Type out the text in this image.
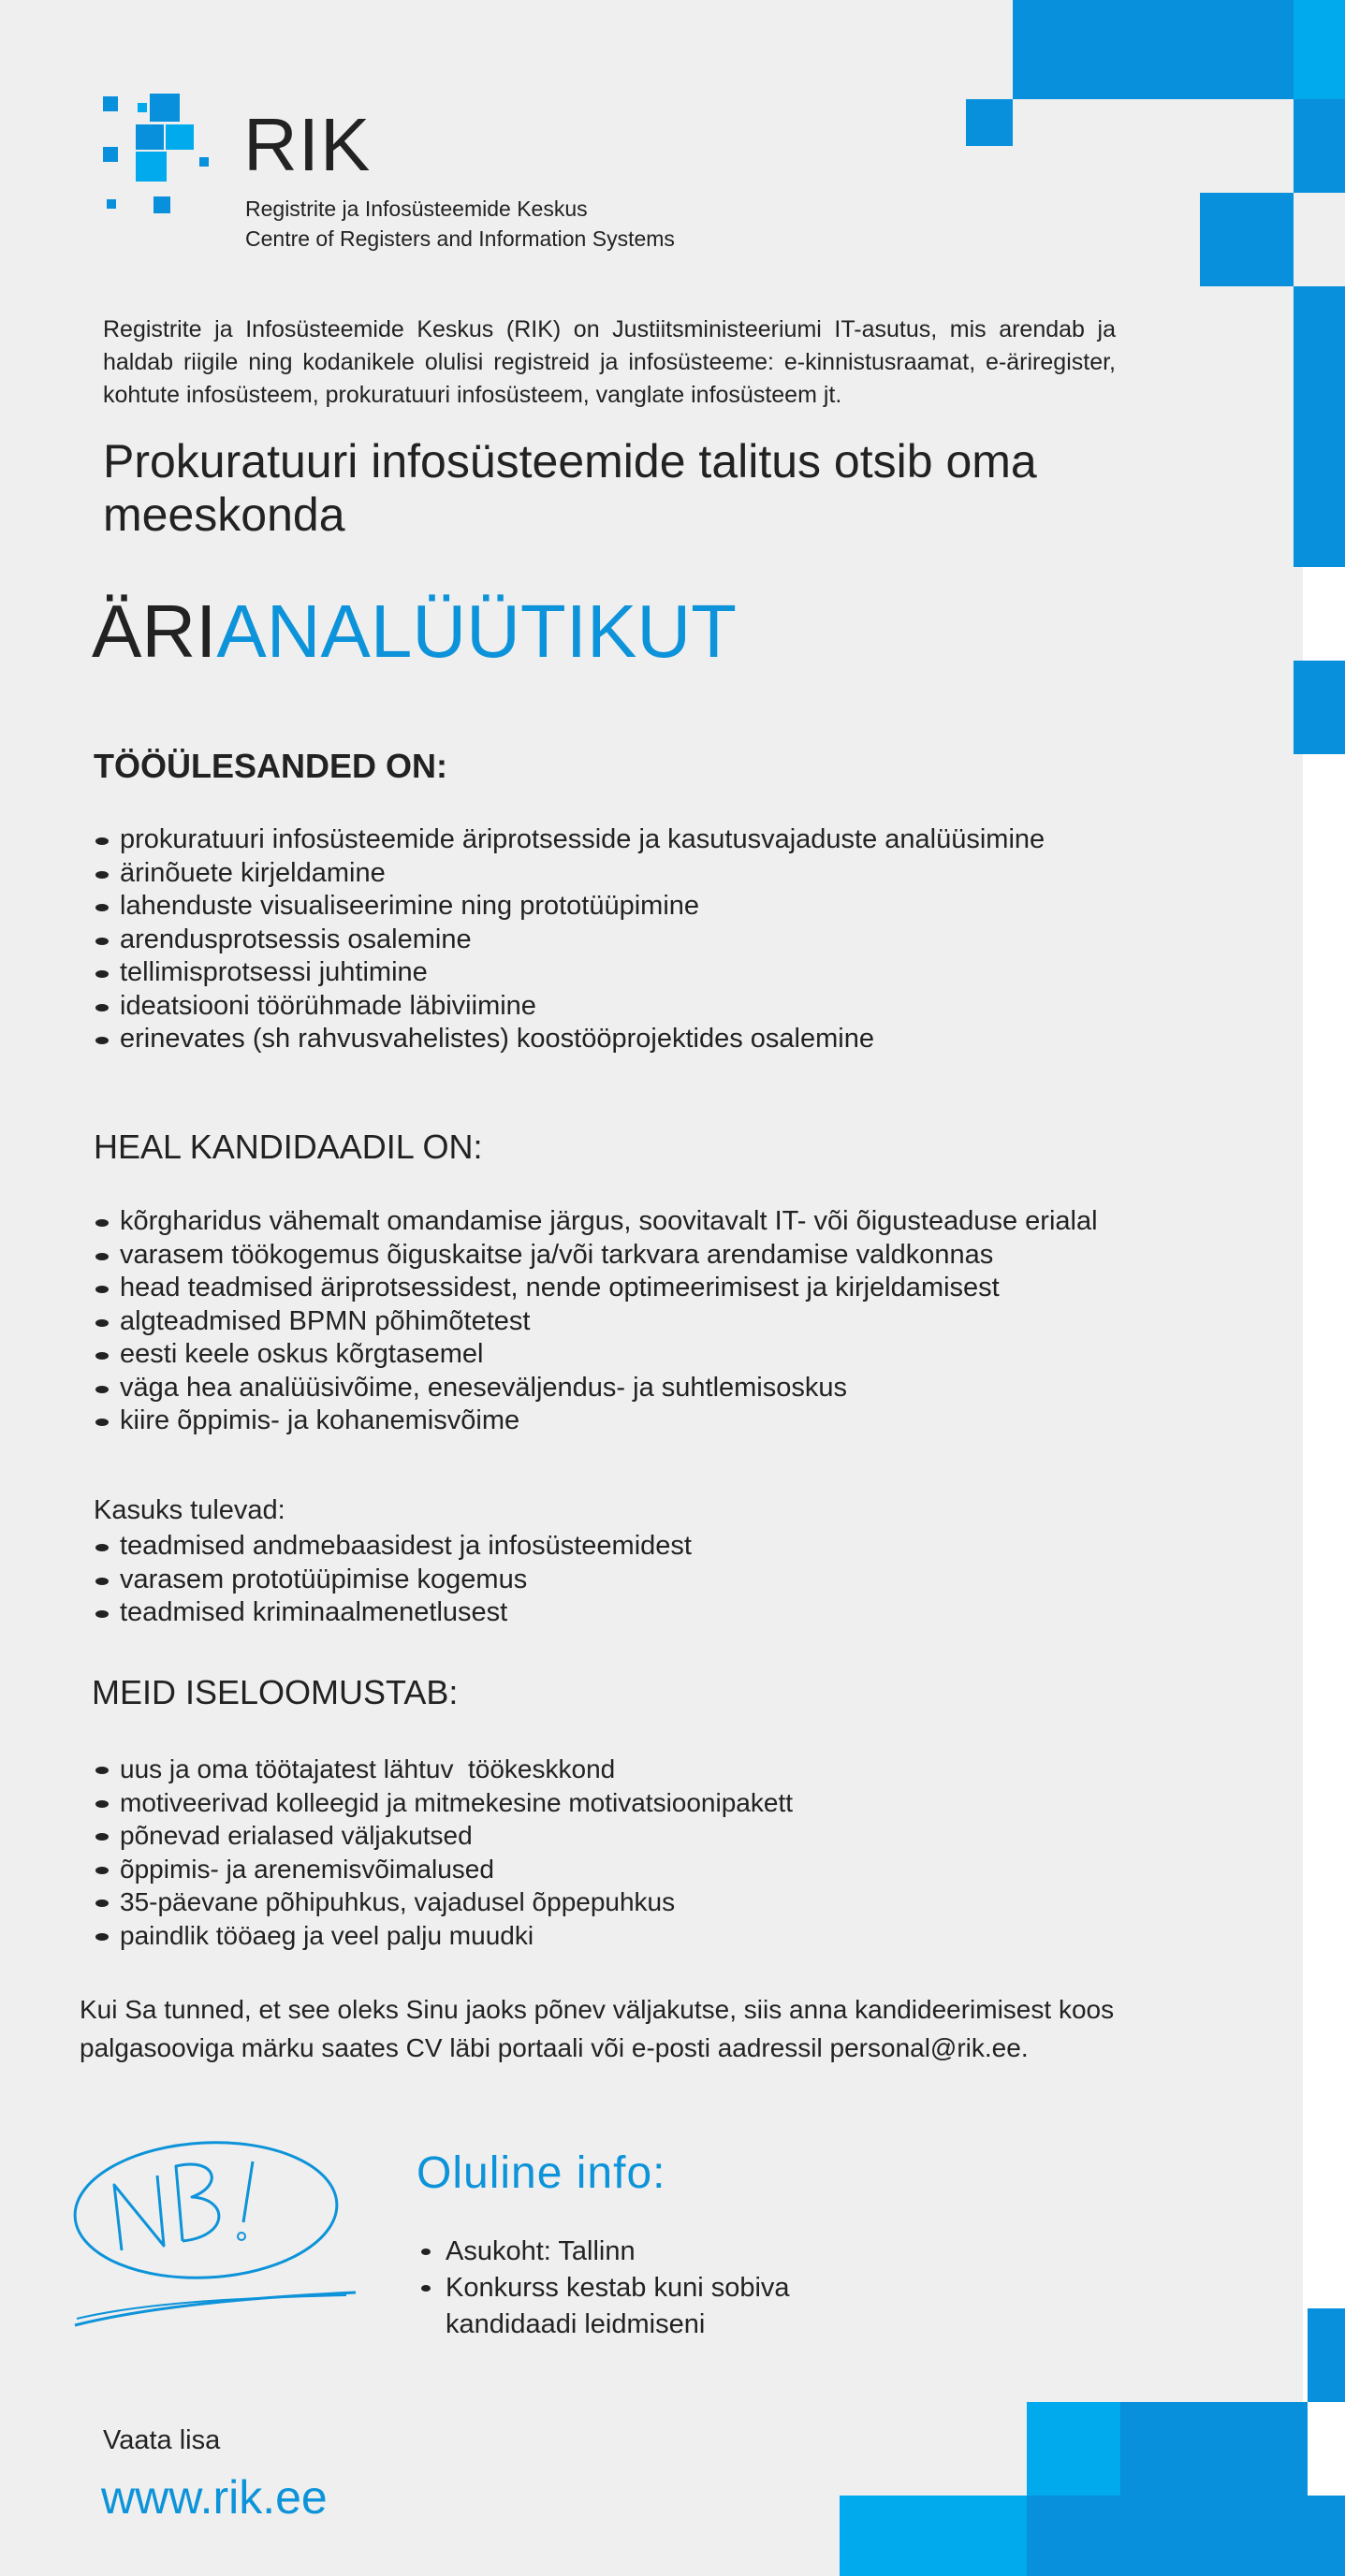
RIK
Registrite ja Infosüsteemide Keskus
Centre of Registers and Information Systems
Registrite ja Infosüsteemide Keskus (RIK) on Justiitsministeeriumi IT-asutus, mis arendab ja haldab riigile ning kodanikele olulisi registreid ja infosüsteeme: e-kinnistusraamat, e-äriregister, kohtute infosüsteem, prokuratuuri infosüsteem, vanglate infosüsteem jt.
Prokuratuuri infosüsteemide talitus otsib oma meeskonda
ÄRIANALÜÜTIKUT
TÖÖÜLESANDED ON:
prokuratuuri infosüsteemide äriprotsesside ja kasutusvajaduste analüüsimine
ärinõuete kirjeldamine
lahenduste visualiseerimine ning prototüüpimine
arendusprotsessis osalemine
tellimisprotsessi juhtimine
ideatsiooni töörühmade läbiviimine
erinevates (sh rahvusvahelistes) koostööprojektides osalemine
HEAL KANDIDAADIL ON:
kõrgharidus vähemalt omandamise järgus, soovitavalt IT- või õigusteaduse erialal
varasem töökogemus õiguskaitse ja/või tarkvara arendamise valdkonnas
head teadmised äriprotsessidest, nende optimeerimisest ja kirjeldamisest
algteadmised BPMN põhimõtetest
eesti keele oskus kõrgtasemel
väga hea analüüsivõime, eneseväljendus- ja suhtlemisoskus
kiire õppimis- ja kohanemisvõime
Kasuks tulevad:
teadmised andmebaasidest ja infosüsteemidest
varasem prototüüpimise kogemus
teadmised kriminaalmenetlusest
MEID ISELOOMUSTAB:
uus ja oma töötajatest lähtuv  töökeskkond
motiveerivad kolleegid ja mitmekesine motivatsioonipakett
põnevad erialased väljakutsed
õppimis- ja arenemisvõimalused
35-päevane põhipuhkus, vajadusel õppepuhkus
paindlik tööaeg ja veel palju muudki
Kui Sa tunned, et see oleks Sinu jaoks põnev väljakutse, siis anna kandideerimisest koos palgasooviga märku saates CV läbi portaali või e-posti aadressil personal@rik.ee.
Oluline info:
Asukoht: Tallinn
Konkurss kestab kuni sobiva kandidaadi leidmiseni
Vaata lisa
www.rik.ee
